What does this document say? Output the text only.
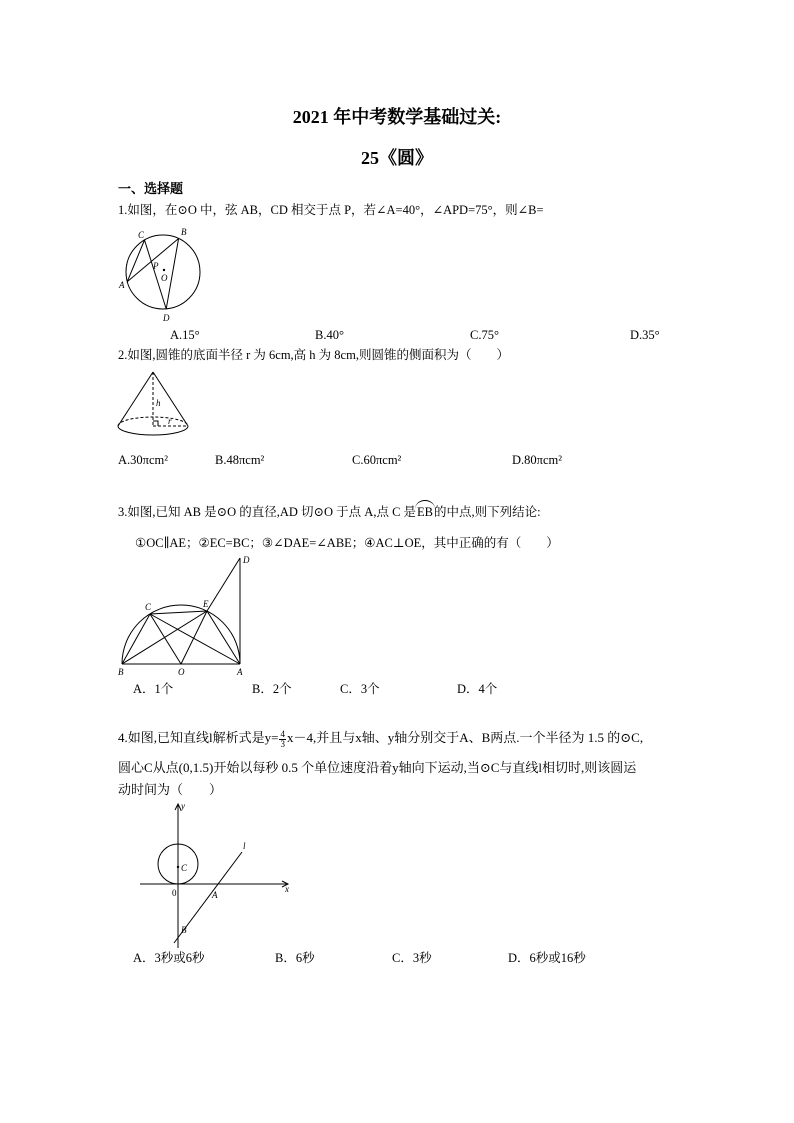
2021 年中考数学基础过关:
25《圆》
一、选择题
1.如图，在⊙O 中，弦 AB，CD 相交于点 P，若∠A=40°，∠APD=75°，则∠B=
C	B
P
O
A
D
A.15°	B.40°	C.75°	D.35°
2.如图,圆锥的底面半径 r 为 6cm,高 h 为 8cm,则圆锥的侧面积为（　　）
h
r
A.30πcm²	B.48πcm²	C.60πcm²	D.80πcm²
3.如图,已知 AB 是⊙O 的直径,AD 切⊙O 于点 A,点 C 是EB的中点,则下列结论:
①OC∥AE；②EC=BC；③∠DAE=∠ABE；④AC⊥OE，其中正确的有（　　）
D
C	E
B	O	A
A．1个	B．2个	C．3个	D．4个
4.如图,已知直线l解析式是$y= \frac{4}{3} x-4$,并且与x轴、y轴分别交于A、B两点.一个半径为 1.5 的⊙C,
圆心C从点(0,1.5)开始以每秒 0.5 个单位速度沿着y轴向下运动,当⊙C与直线l相切时,则该圆运
动时间为（　　）
y
l
C
x
0	A
B
A．3秒或6秒	B．6秒	C．3秒	D．6秒或16秒
